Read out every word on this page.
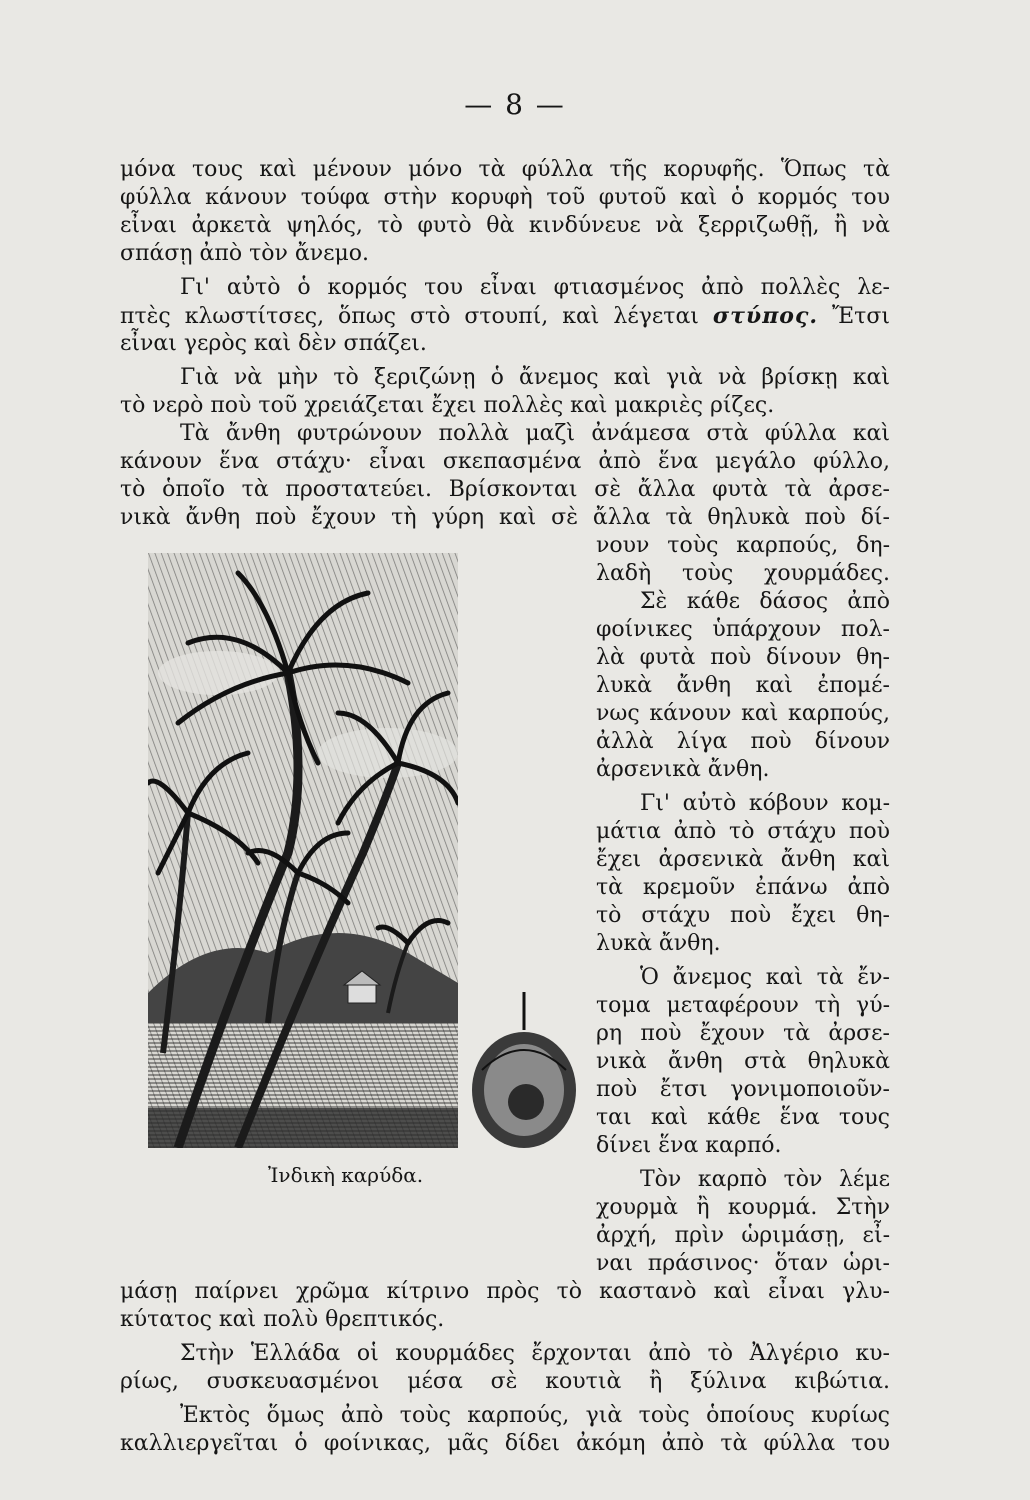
— 8 —
μόνα τους καὶ μένουν μόνο τὰ φύλλα τῆς κορυφῆς. Ὅπως τὰ
φύλλα κάνουν τούφα στὴν κορυφὴ τοῦ φυτοῦ καὶ ὁ κορμός του
εἶναι ἀρκετὰ ψηλός, τὸ φυτὸ θὰ κινδύνευε νὰ ξερριζωθῇ, ἢ νὰ
σπάσῃ ἀπὸ τὸν ἄνεμο.
Γι' αὐτὸ ὁ κορμός του εἶναι φτιασμένος ἀπὸ πολλὲς λε-
πτὲς κλωστίτσες, ὅπως στὸ στουπί, καὶ λέγεται στύπος. Ἔτσι
εἶναι γερὸς καὶ δὲν σπάζει.
Γιὰ νὰ μὴν τὸ ξεριζώνῃ ὁ ἄνεμος καὶ γιὰ νὰ βρίσκῃ καὶ
τὸ νερὸ ποὺ τοῦ χρειάζεται ἔχει πολλὲς καὶ μακριὲς ρίζες.
Τὰ ἄνθη φυτρώνουν πολλὰ μαζὶ ἀνάμεσα στὰ φύλλα καὶ
κάνουν ἕνα στάχυ· εἶναι σκεπασμένα ἀπὸ ἕνα μεγάλο φύλλο,
τὸ ὁποῖο τὰ προστατεύει. Βρίσκονται σὲ ἄλλα φυτὰ τὰ ἀρσε-
νικὰ ἄνθη ποὺ ἔχουν τὴ γύρη καὶ σὲ ἄλλα τὰ θηλυκὰ ποὺ δί-
νουν τοὺς καρπούς, δη-
λαδὴ τοὺς χουρμάδες.
Σὲ κάθε δάσος ἀπὸ
φοίνικες ὑπάρχουν πολ-
λὰ φυτὰ ποὺ δίνουν θη-
λυκὰ ἄνθη καὶ ἐπομέ-
νως κάνουν καὶ καρπούς,
ἀλλὰ λίγα ποὺ δίνουν
ἀρσενικὰ ἄνθη.
Γι' αὐτὸ κόβουν κομ-
μάτια ἀπὸ τὸ στάχυ ποὺ
ἔχει ἀρσενικὰ ἄνθη καὶ
τὰ κρεμοῦν ἐπάνω ἀπὸ
τὸ στάχυ ποὺ ἔχει θη-
λυκὰ ἄνθη.
Ὁ ἄνεμος καὶ τὰ ἔν-
τομα μεταφέρουν τὴ γύ-
ρη ποὺ ἔχουν τὰ ἀρσε-
νικὰ ἄνθη στὰ θηλυκὰ
ποὺ ἔτσι γονιμοποιοῦν-
ται καὶ κάθε ἕνα τους
δίνει ἕνα καρπό.
Τὸν καρπὸ τὸν λέμε
χουρμὰ ἢ κουρμά. Στὴν
ἀρχή, πρὶν ὡριμάσῃ, εἶ-
ναι πράσινος· ὅταν ὡρι-
μάσῃ παίρνει χρῶμα κίτρινο πρὸς τὸ καστανὸ καὶ εἶναι γλυ-
κύτατος καὶ πολὺ θρεπτικός.
Στὴν Ἑλλάδα οἱ κουρμάδες ἔρχονται ἀπὸ τὸ Ἀλγέριο κυ-
ρίως, συσκευασμένοι μέσα σὲ κουτιὰ ἢ ξύλινα κιβώτια.
Ἐκτὸς ὅμως ἀπὸ τοὺς καρπούς, γιὰ τοὺς ὁποίους κυρίως
καλλιεργεῖται ὁ φοίνικας, μᾶς δίδει ἀκόμη ἀπὸ τὰ φύλλα του
Ἰνδικὴ καρύδα.
